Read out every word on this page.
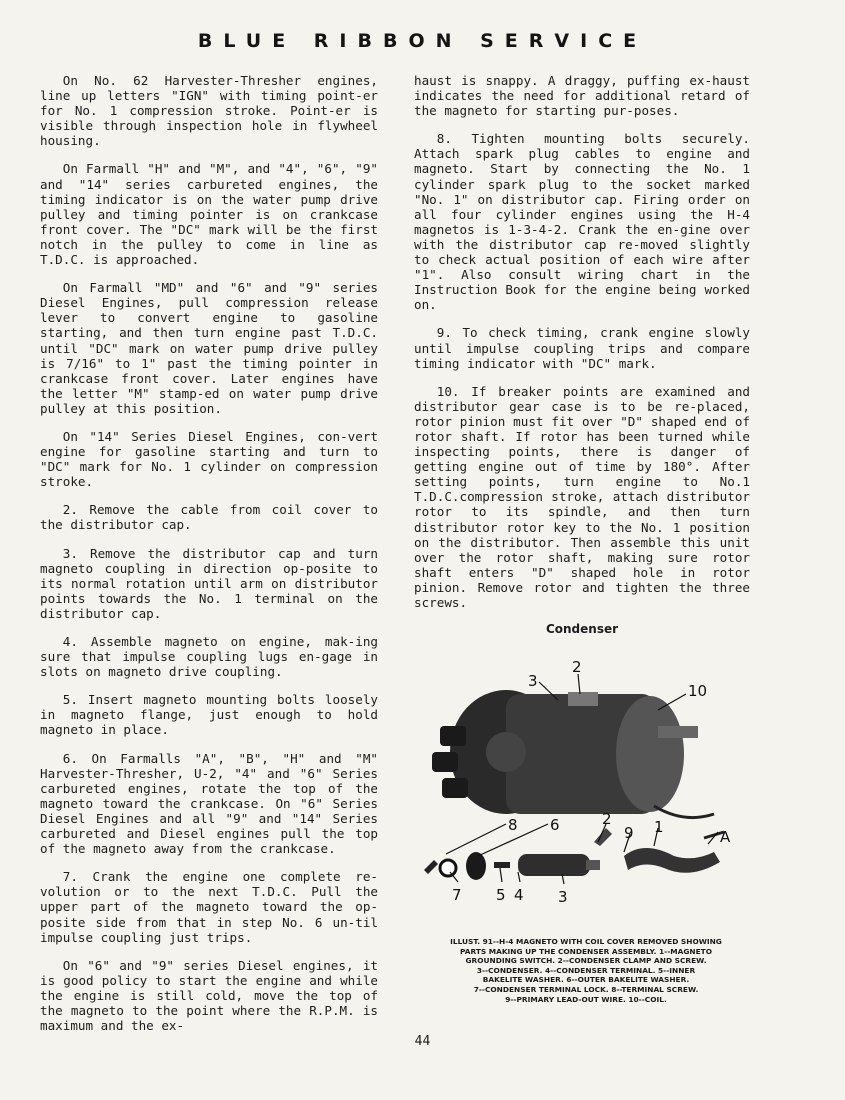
BLUE RIBBON SERVICE

On No. 62 Harvester-Thresher engines, line up letters "IGN" with timing point-er for No. 1 compression stroke. Point-er is visible through inspection hole in flywheel housing.

On Farmall "H" and "M", and "4", "6", "9" and "14" series carbureted engines, the timing indicator is on the water pump drive pulley and timing pointer is on crankcase front cover. The "DC" mark will be the first notch in the pulley to come in line as T.D.C. is approached.

On Farmall "MD" and "6" and "9" series Diesel Engines, pull compression release lever to convert engine to gasoline starting, and then turn engine past T.D.C. until "DC" mark on water pump drive pulley is 7/16" to 1" past the timing pointer in crankcase front cover. Later engines have the letter "M" stamp-ed on water pump drive pulley at this position.

On "14" Series Diesel Engines, con-vert engine for gasoline starting and turn to "DC" mark for No. 1 cylinder on compression stroke.

2. Remove the cable from coil cover to the distributor cap.

3. Remove the distributor cap and turn magneto coupling in direction op-posite to its normal rotation until arm on distributor points towards the No. 1 terminal on the distributor cap.

4. Assemble magneto on engine, mak-ing sure that impulse coupling lugs en-gage in slots on magneto drive coupling.

5. Insert magneto mounting bolts loosely in magneto flange, just enough to hold magneto in place.

6. On Farmalls "A", "B", "H" and "M" Harvester-Thresher, U-2, "4" and "6" Series carbureted engines, rotate the top of the magneto toward the crankcase. On "6" Series Diesel Engines and all "9" and "14" Series carbureted and Diesel engines pull the top of the magneto away from the crankcase.

7. Crank the engine one complete re-volution or to the next T.D.C. Pull the upper part of the magneto toward the op-posite side from that in step No. 6 un-til impulse coupling just trips.

On "6" and "9" series Diesel engines, it is good policy to start the engine and while the engine is still cold, move the top of the magneto to the point where the R.P.M. is maximum and the ex-

haust is snappy. A draggy, puffing ex-haust indicates the need for additional retard of the magneto for starting pur-poses.

8. Tighten mounting bolts securely. Attach spark plug cables to engine and magneto. Start by connecting the No. 1 cylinder spark plug to the socket marked "No. 1" on distributor cap. Firing order on all four cylinder engines using the H-4 magnetos is 1-3-4-2. Crank the en-gine over with the distributor cap re-moved slightly to check actual position of each wire after "1". Also consult wiring chart in the Instruction Book for the engine being worked on.

9. To check timing, crank engine slowly until impulse coupling trips and compare timing indicator with "DC" mark.

10. If breaker points are examined and distributor gear case is to be re-placed, rotor pinion must fit over "D" shaped end of rotor shaft. If rotor has been turned while inspecting points, there is danger of getting engine out of time by 180°. After setting points, turn engine to No.1 T.D.C.compression stroke, attach distributor rotor to its spindle, and then turn distributor rotor key to the No. 1 position on the distributor. Then assemble this unit over the rotor shaft, making sure rotor shaft enters "D" shaped hole in rotor pinion. Remove rotor and tighten the three screws.

Condenser
2
3
10
8 6	2
9 1
A
7 5 4 3
ILLUST. 91--H-4 MAGNETO WITH COIL COVER REMOVED SHOWING
PARTS MAKING UP THE CONDENSER ASSEMBLY. 1--MAGNETO
GROUNDING SWITCH. 2--CONDENSER CLAMP AND SCREW.
3--CONDENSER. 4--CONDENSER TERMINAL. 5--INNER
BAKELITE WASHER. 6--OUTER BAKELITE WASHER.
7--CONDENSER TERMINAL LOCK. 8--TERMINAL SCREW.
9--PRIMARY LEAD-OUT WIRE. 10--COIL.
44
